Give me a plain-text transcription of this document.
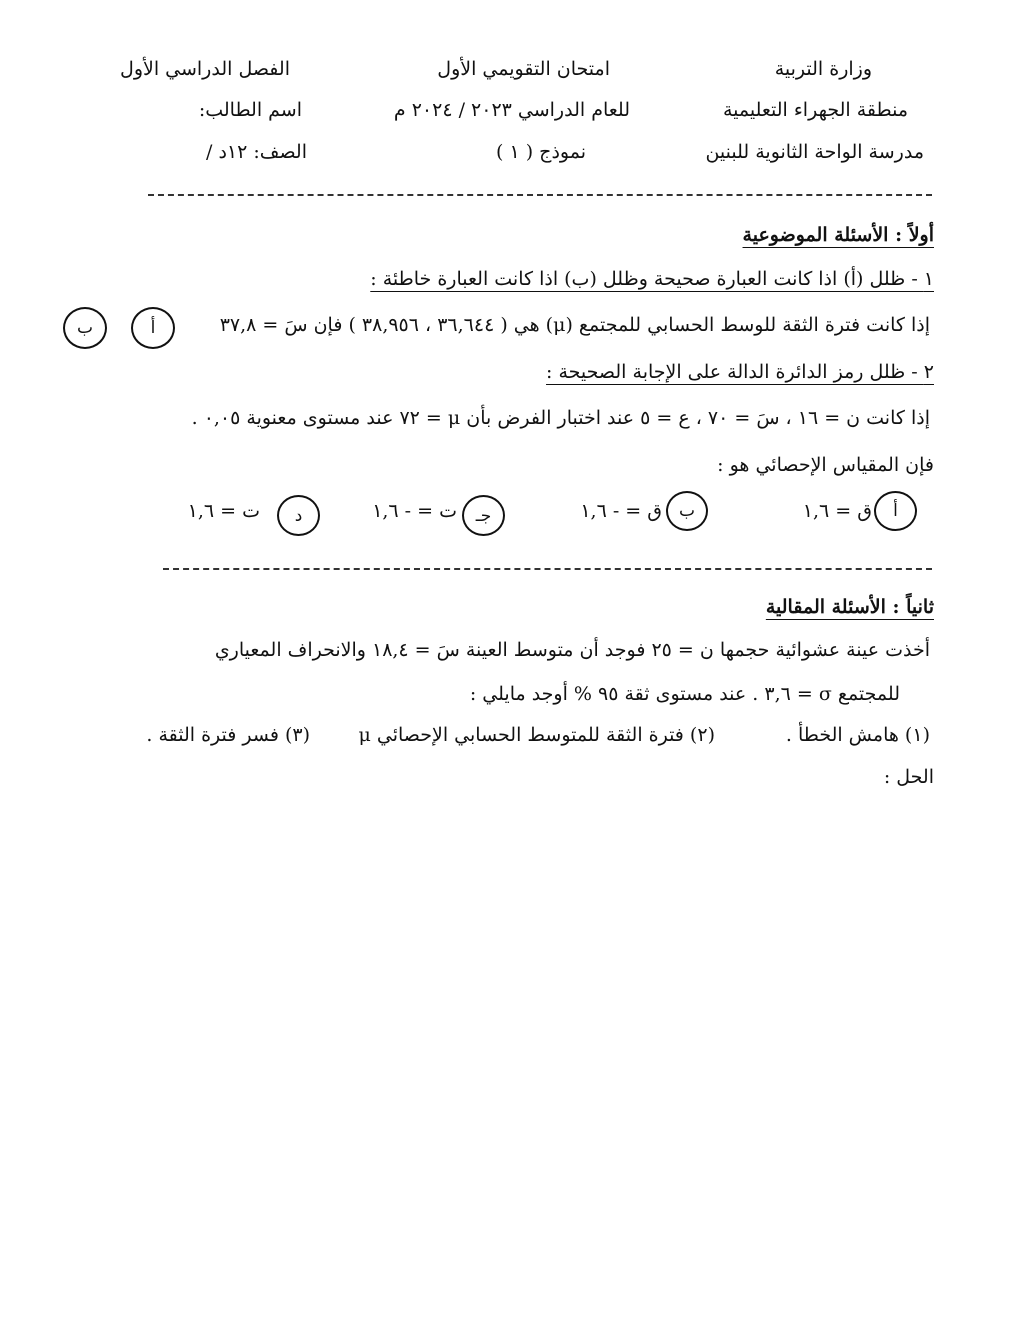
وزارة التربية
منطقة الجهراء التعليمية
مدرسة الواحة الثانوية للبنين
امتحان التقويمي الأول
للعام الدراسي ٢٠٢٣ / ٢٠٢٤ م
نموذج ( ١ )
الفصل الدراسي الأول
اسم الطالب:
الصف: ١٢د /
أولاً : الأسئلة الموضوعية
١ - ظلل (أ) اذا كانت العبارة صحيحة وظلل (ب) اذا كانت العبارة خاطئة :
إذا كانت فترة الثقة للوسط الحسابي للمجتمع (μ) هي ( ٣٦,٦٤٤ ، ٣٨,٩٥٦ ) فإن سَ = ٣٧,٨
أ
ب
٢ - ظلل رمز الدائرة الدالة على الإجابة الصحيحة :
إذا كانت ن = ١٦ ، سَ = ٧٠ ، ع = ٥ عند اختبار الفرض بأن μ = ٧٢ عند مستوى معنوية ٠,٠٥ .
فإن المقياس الإحصائي هو :
أ
ق = ١,٦
ب
ق = - ١,٦
جـ
ت = - ١,٦
د
ت = ١,٦
ثانياً : الأسئلة المقالية
أخذت عينة عشوائية حجمها ن = ٢٥ فوجد أن متوسط العينة سَ = ١٨,٤ والانحراف المعياري
للمجتمع σ = ٣,٦ . عند مستوى ثقة ٩٥ % أوجد مايلي :
(١) هامش الخطأ .
(٢) فترة الثقة للمتوسط الحسابي الإحصائي μ
(٣) فسر فترة الثقة .
الحل :
